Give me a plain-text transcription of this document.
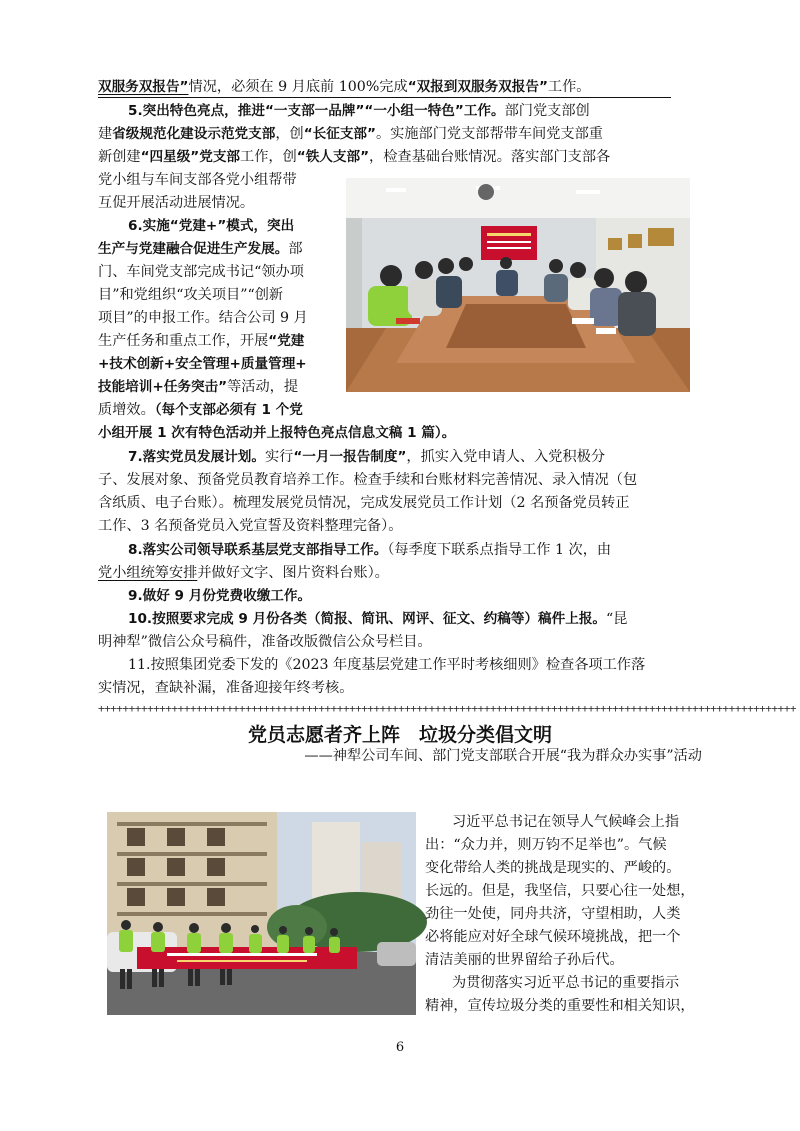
双服务双报告”情况，必须在 9 月底前 100%完成“双报到双服务双报告”工作。
5.突出特色亮点，推进“一支部一品牌”“一小组一特色”工作。部门党支部创
建省级规范化建设示范党支部，创“长征支部”。实施部门党支部帮带车间党支部重
新创建“四星级”党支部工作，创“铁人支部”，检查基础台账情况。落实部门支部各
党小组与车间支部各党小组帮带
互促开展活动进展情况。
6.实施“党建+”模式，突出
生产与党建融合促进生产发展。部
门、车间党支部完成书记“领办项
目”和党组织“攻关项目”“创新
项目”的申报工作。结合公司 9 月
生产任务和重点工作，开展“党建
+技术创新+安全管理+质量管理+
技能培训+任务突击”等活动，提
质增效。（每个支部必须有 1 个党
小组开展 1 次有特色活动并上报特色亮点信息文稿 1 篇）。
7.落实党员发展计划。实行“一月一报告制度”，抓实入党申请人、入党积极分
子、发展对象、预备党员教育培养工作。检查手续和台账材料完善情况、录入情况（包
含纸质、电子台账）。梳理发展党员情况，完成发展党员工作计划（2 名预备党员转正
工作、3 名预备党员入党宣誓及资料整理完备）。
8.落实公司领导联系基层党支部指导工作。（每季度下联系点指导工作 1 次，由
党小组统筹安排并做好文字、图片资料台账）。
9.做好 9 月份党费收缴工作。
10.按照要求完成 9 月份各类（简报、简讯、网评、征文、约稿等）稿件上报。“昆
明神犁”微信公众号稿件，准备改版微信公众号栏目。
11.按照集团党委下发的《2023 年度基层党建工作平时考核细则》检查各项工作落
实情况，查缺补漏，准备迎接年终考核。
++++++++++++++++++++++++++++++++++++++++++++++++++++++++++++++++++++++++++++++++++++++++++++++++++++++++++++++++++
党员志愿者齐上阵　垃圾分类倡文明
——神犁公司车间、部门党支部联合开展“我为群众办实事”活动
习近平总书记在领导人气候峰会上指
出：“众力并，则万钧不足举也”。气候
变化带给人类的挑战是现实的、严峻的。
长远的。但是，我坚信，只要心往一处想，
劲往一处使，同舟共济，守望相助，人类
必将能应对好全球气候环境挑战，把一个
清洁美丽的世界留给子孙后代。
为贯彻落实习近平总书记的重要指示
精神，宣传垃圾分类的重要性和相关知识，
6
